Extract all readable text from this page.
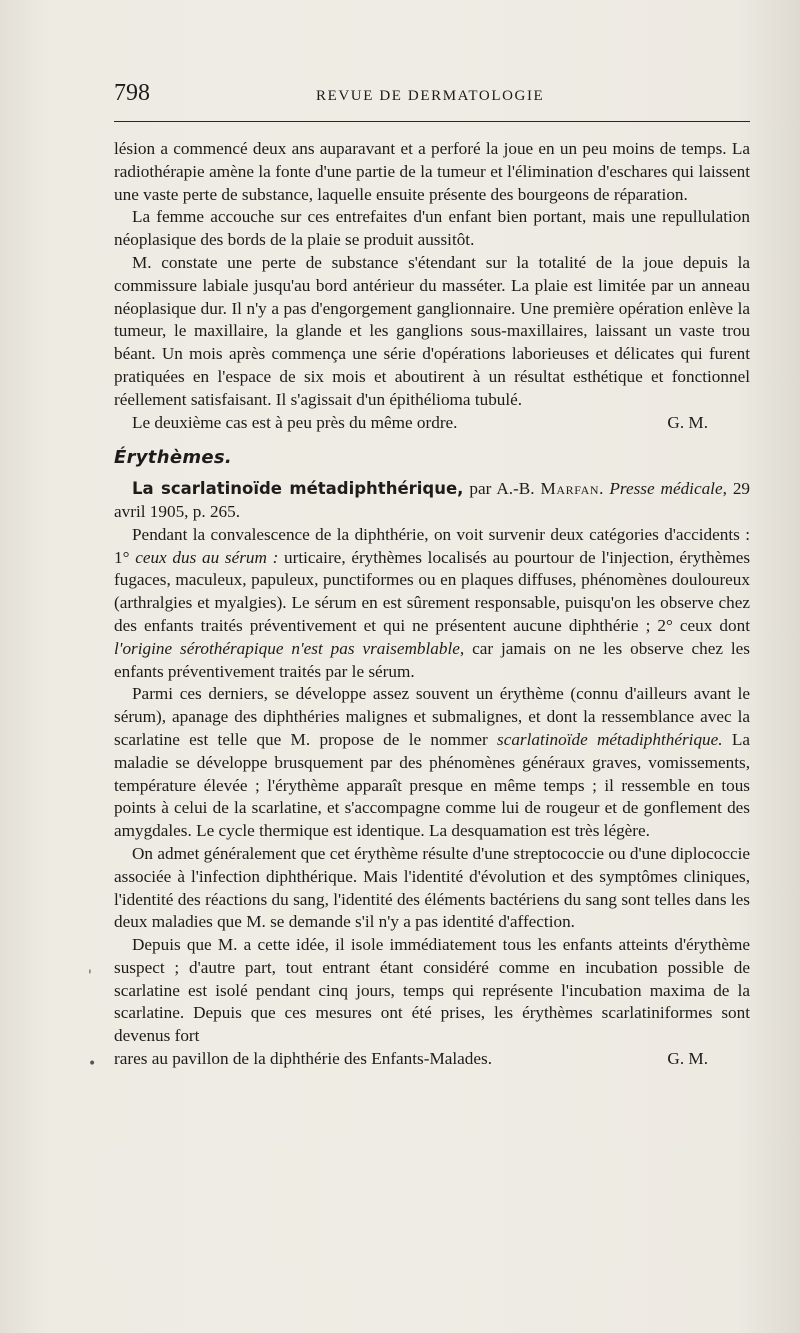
798	REVUE DE DERMATOLOGIE
'
•

lésion a commencé deux ans auparavant et a perforé la joue en un peu moins de temps. La radiothérapie amène la fonte d'une partie de la tumeur et l'élimination d'eschares qui laissent une vaste perte de substance, laquelle ensuite présente des bourgeons de réparation.

La femme accouche sur ces entrefaites d'un enfant bien portant, mais une repullulation néoplasique des bords de la plaie se produit aussitôt.

M. constate une perte de substance s'étendant sur la totalité de la joue depuis la commissure labiale jusqu'au bord antérieur du masséter. La plaie est limitée par un anneau néoplasique dur. Il n'y a pas d'engorgement ganglionnaire. Une première opération enlève la tumeur, le maxillaire, la glande et les ganglions sous-maxillaires, laissant un vaste trou béant. Un mois après commença une série d'opérations laborieuses et délicates qui furent pratiquées en l'espace de six mois et aboutirent à un résultat esthétique et fonctionnel réellement satisfaisant. Il s'agissait d'un épithélioma tubulé.

Le deuxième cas est à peu près du même ordre.	G. M.
Érythèmes.

La scarlatinoïde métadiphthérique, par A.-B. Marfan. Presse médicale, 29 avril 1905, p. 265.

Pendant la convalescence de la diphthérie, on voit survenir deux catégories d'accidents : 1° ceux dus au sérum : urticaire, érythèmes localisés au pourtour de l'injection, érythèmes fugaces, maculeux, papuleux, punctiformes ou en plaques diffuses, phénomènes douloureux (arthralgies et myalgies). Le sérum en est sûrement responsable, puisqu'on les observe chez des enfants traités préventivement et qui ne présentent aucune diphthérie ; 2° ceux dont l'origine sérothérapique n'est pas vraisemblable, car jamais on ne les observe chez les enfants préventivement traités par le sérum.

Parmi ces derniers, se développe assez souvent un érythème (connu d'ailleurs avant le sérum), apanage des diphthéries malignes et submalignes, et dont la ressemblance avec la scarlatine est telle que M. propose de le nommer scarlatinoïde métadiphthérique. La maladie se développe brusquement par des phénomènes généraux graves, vomissements, température élevée ; l'érythème apparaît presque en même temps ; il ressemble en tous points à celui de la scarlatine, et s'accompagne comme lui de rougeur et de gonflement des amygdales. Le cycle thermique est identique. La desquamation est très légère.

On admet généralement que cet érythème résulte d'une streptococcie ou d'une diplococcie associée à l'infection diphthérique. Mais l'identité d'évolution et des symptômes cliniques, l'identité des réactions du sang, l'identité des éléments bactériens du sang sont telles dans les deux maladies que M. se demande s'il n'y a pas identité d'affection.

Depuis que M. a cette idée, il isole immédiatement tous les enfants atteints d'érythème suspect ; d'autre part, tout entrant étant considéré comme en incubation possible de scarlatine est isolé pendant cinq jours, temps qui représente l'incubation maxima de la scarlatine. Depuis que ces mesures ont été prises, les érythèmes scarlatiniformes sont devenus fort

rares au pavillon de la diphthérie des Enfants-Malades.	G. M.
